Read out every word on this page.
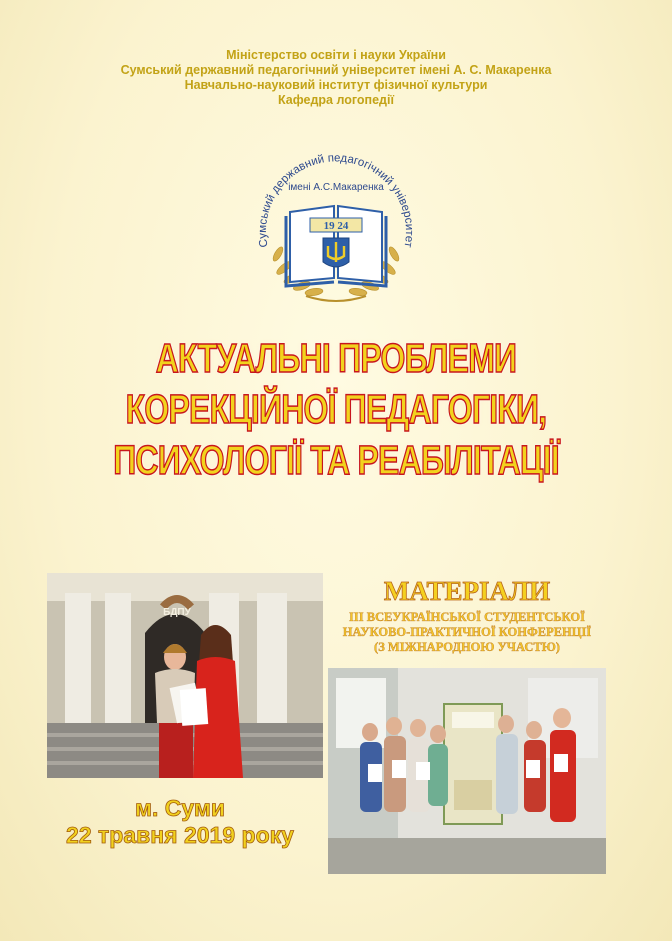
Міністерство освіти і науки України
Сумський державний педагогічний університет імені А. С. Макаренка
Навчально-науковий інститут фізичної культури
Кафедра логопедії
19 24
Сумський державний педагогічний університет
імені А.С.Макаренка
АКТУАЛЬНІ ПРОБЛЕМИ
КОРЕКЦІЙНОЇ ПЕДАГОГІКИ,
ПСИХОЛОГІЇ ТА РЕАБІЛІТАЦІЇ
БДПУ
МАТЕРІАЛИ
III ВСЕУКРАЇНСЬКОЇ СТУДЕНТСЬКОЇ
НАУКОВО-ПРАКТИЧНОЇ КОНФЕРЕНЦІЇ
(З МІЖНАРОДНОЮ УЧАСТЮ)
м. Суми
22 травня 2019 року
